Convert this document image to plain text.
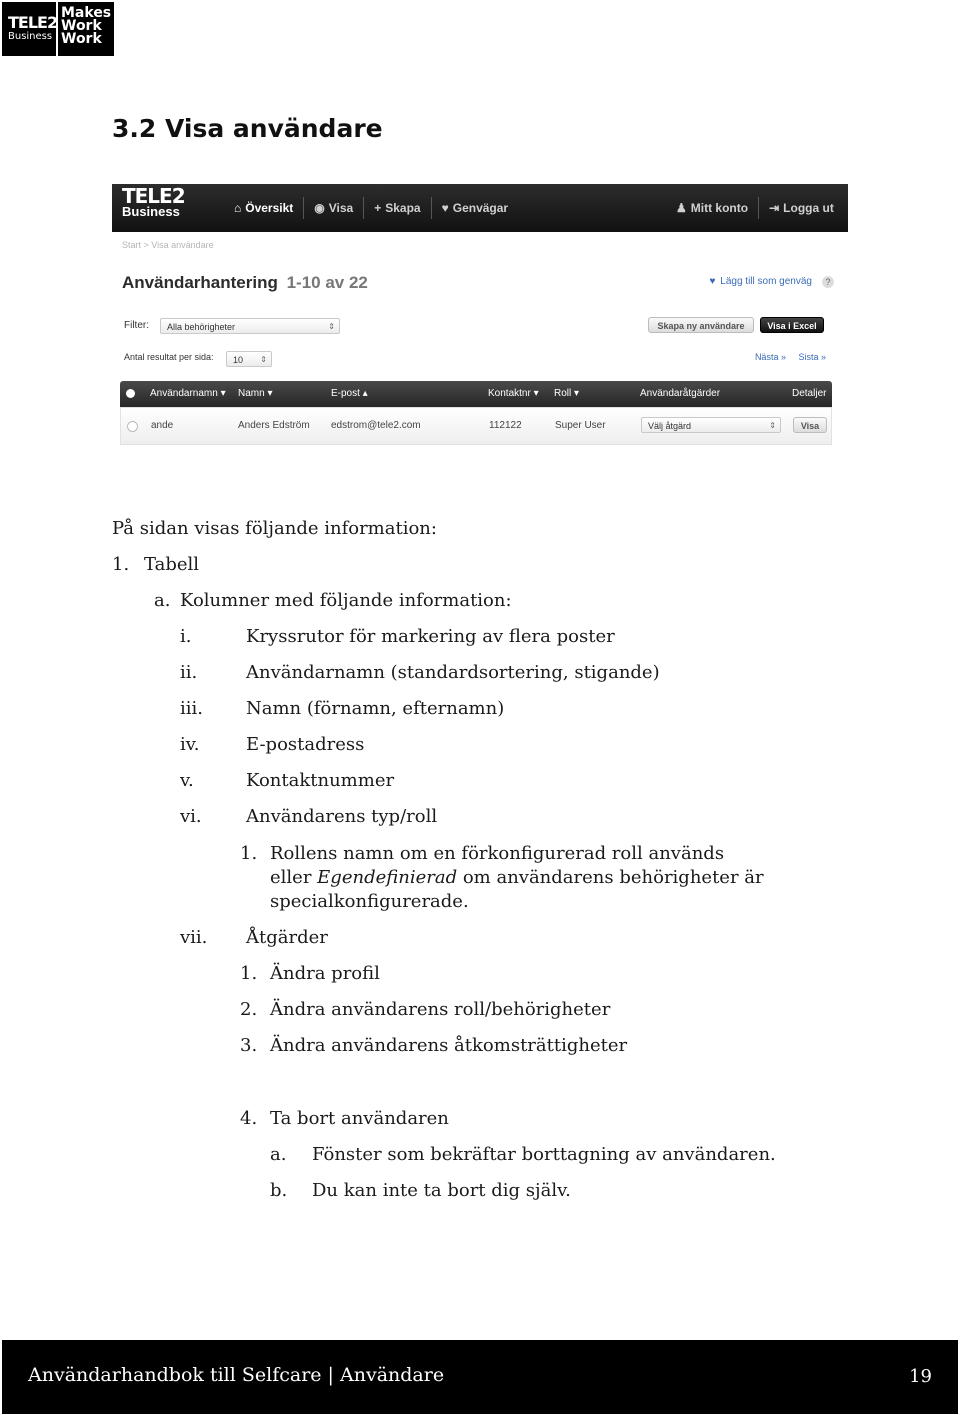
TELE2
Business
Makes
Work
Work
3.2 Visa användare
TELE2
Business	⌂ Översikt ◉ Visa + Skapa ♥ Genvägar	♟ Mitt konto ⇥ Logga ut
Start > Visa användare
Användarhantering 1-10 av 22	♥ Lägg till som genväg	?
Filter:	Alla behörigheter	⇕	Skapa ny användare	Visa i Excel
Antal resultat per sida:	10 ⇕	Nästa » Sista »
Användarnamn ▾ Namn ▾	E-post ▴	Kontaktnr ▾ Roll ▾	Användaråtgärder	Detaljer
ande	Anders Edström edstrom@tele2.com	112122	Super User	Välj åtgärd	⇕	Visa
På sidan visas följande information:
1. Tabell
a. Kolumner med följande information:
i.	Kryssrutor för markering av flera poster
ii.	Användarnamn (standardsortering, stigande)
iii. Namn (förnamn, efternamn)
iv.	E-postadress
v.	Kontaktnummer
vi. Användarens typ/roll
1. Rollens namn om en förkonfigurerad roll används
eller Egendefinierad om användarens behörigheter är
specialkonfigurerade.
vii. Åtgärder
1. Ändra profil
2. Ändra användarens roll/behörigheter
3. Ändra användarens åtkomsträttigheter
4. Ta bort användaren
a. Fönster som bekräftar borttagning av användaren.
b. Du kan inte ta bort dig själv.
Användarhandbok till Selfcare | Användare	19
